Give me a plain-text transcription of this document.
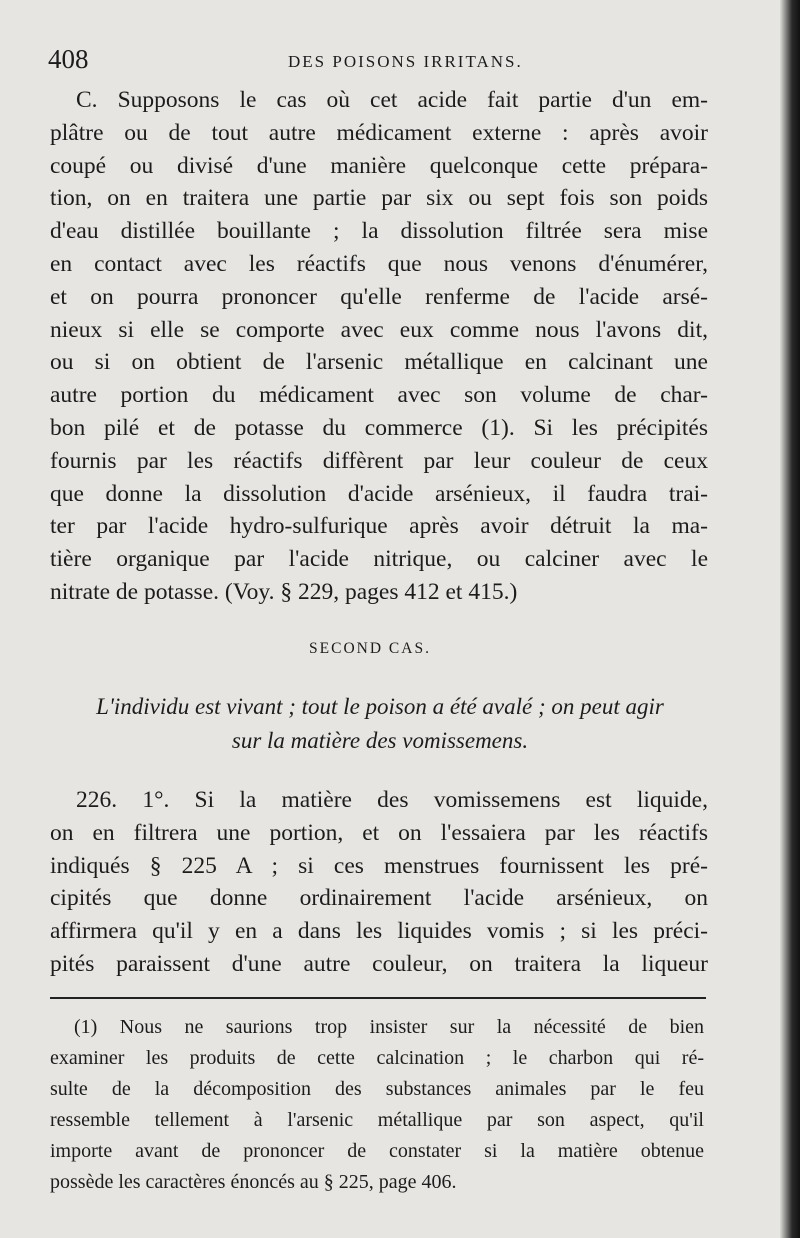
408	DES POISONS IRRITANS.
C. Supposons le cas où cet acide fait partie d'un em-
plâtre ou de tout autre médicament externe : après avoir
coupé ou divisé d'une manière quelconque cette prépara-
tion, on en traitera une partie par six ou sept fois son poids
d'eau distillée bouillante ; la dissolution filtrée sera mise
en contact avec les réactifs que nous venons d'énumérer,
et on pourra prononcer qu'elle renferme de l'acide arsé-
nieux si elle se comporte avec eux comme nous l'avons dit,
ou si on obtient de l'arsenic métallique en calcinant une
autre portion du médicament avec son volume de char-
bon pilé et de potasse du commerce (1). Si les précipités
fournis par les réactifs diffèrent par leur couleur de ceux
que donne la dissolution d'acide arsénieux, il faudra trai-
ter par l'acide hydro-sulfurique après avoir détruit la ma-
tière organique par l'acide nitrique, ou calciner avec le
nitrate de potasse. (Voy. § 229, pages 412 et 415.)
SECOND CAS.
L'individu est vivant ; tout le poison a été avalé ; on peut agir
sur la matière des vomissemens.
226. 1°. Si la matière des vomissemens est liquide,
on en filtrera une portion, et on l'essaiera par les réactifs
indiqués § 225 A ; si ces menstrues fournissent les pré-
cipités que donne ordinairement l'acide arsénieux, on
affirmera qu'il y en a dans les liquides vomis ; si les préci-
pités paraissent d'une autre couleur, on traitera la liqueur
(1) Nous ne saurions trop insister sur la nécessité de bien
examiner les produits de cette calcination ; le charbon qui ré-
sulte de la décomposition des substances animales par le feu
ressemble tellement à l'arsenic métallique par son aspect, qu'il
importe avant de prononcer de constater si la matière obtenue
possède les caractères énoncés au § 225, page 406.
